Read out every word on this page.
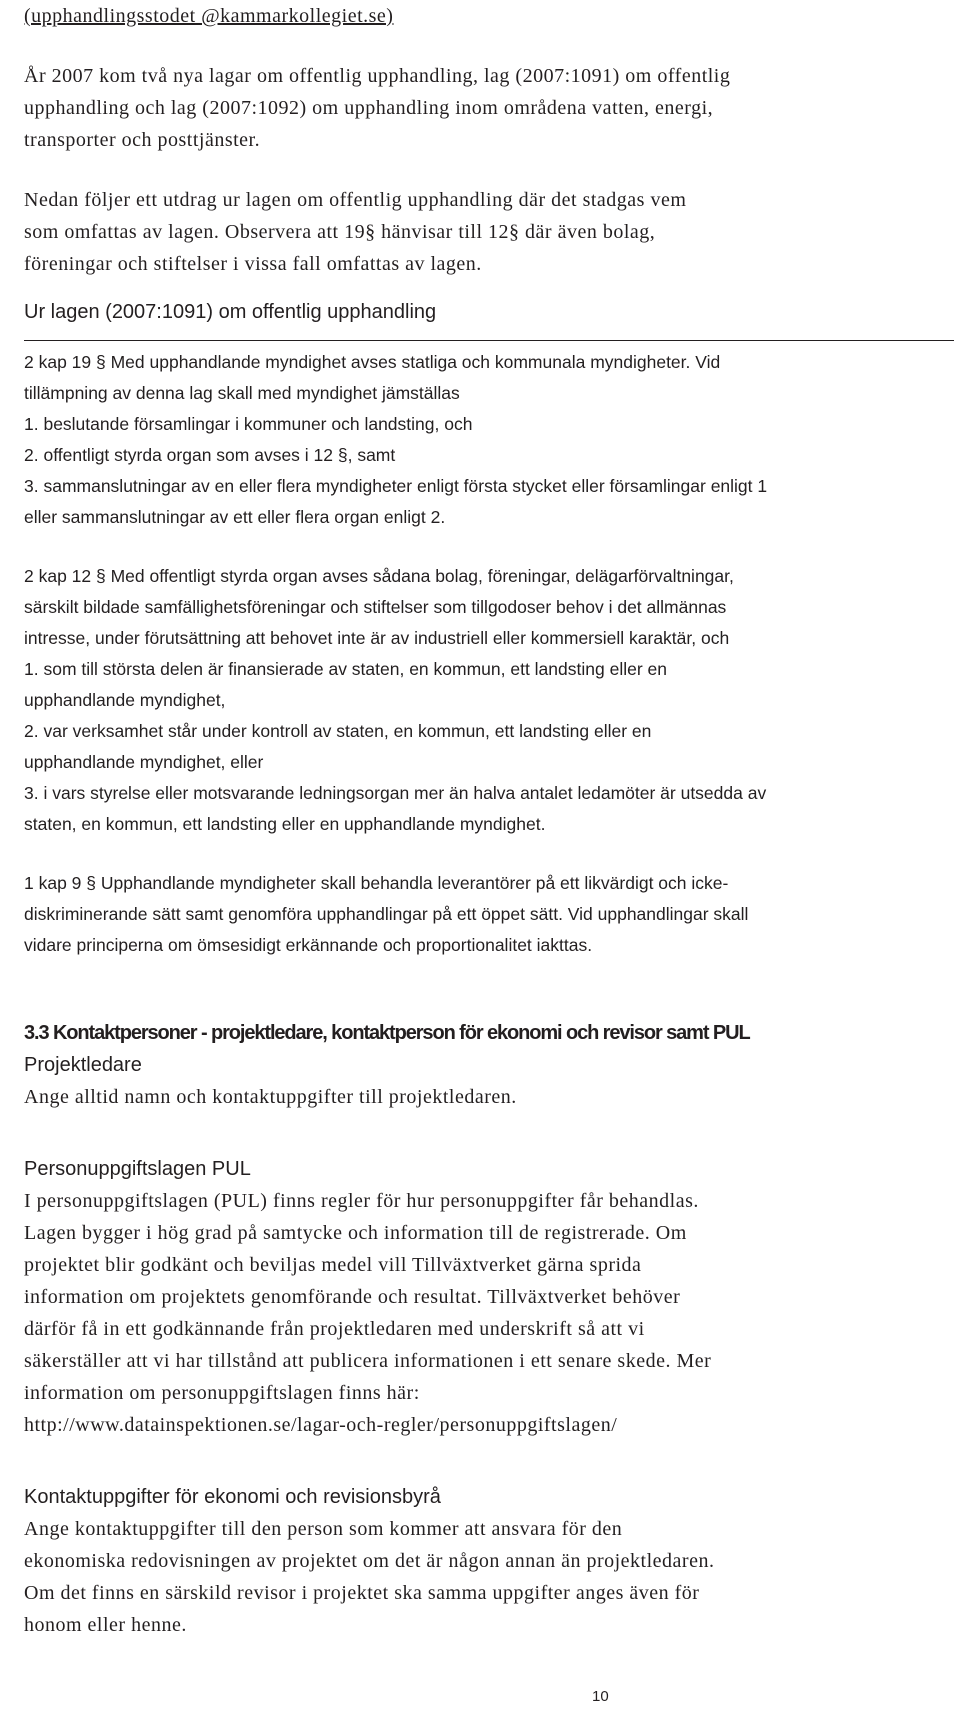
(upphandlingsstodet @kammarkollegiet.se)

År 2007 kom två nya lagar om offentlig upphandling, lag (2007:1091) om offentlig
upphandling och lag (2007:1092) om upphandling inom områdena vatten, energi,
transporter och posttjänster.

Nedan följer ett utdrag ur lagen om offentlig upphandling där det stadgas vem
som omfattas av lagen. Observera att 19§ hänvisar till 12§ där även bolag,
föreningar och stiftelser i vissa fall omfattas av lagen.

Ur lagen (2007:1091) om offentlig upphandling

2 kap 19 § Med upphandlande myndighet avses statliga och kommunala myndigheter. Vid
tillämpning av denna lag skall med myndighet jämställas
1. beslutande församlingar i kommuner och landsting, och
2. offentligt styrda organ som avses i 12 §, samt
3. sammanslutningar av en eller flera myndigheter enligt första stycket eller församlingar enligt 1
eller sammanslutningar av ett eller flera organ enligt 2.

2 kap 12 § Med offentligt styrda organ avses sådana bolag, föreningar, delägarförvaltningar,
särskilt bildade samfällighetsföreningar och stiftelser som tillgodoser behov i det allmännas
intresse, under förutsättning att behovet inte är av industriell eller kommersiell karaktär, och
1. som till största delen är finansierade av staten, en kommun, ett landsting eller en
upphandlande myndighet,
2. var verksamhet står under kontroll av staten, en kommun, ett landsting eller en
upphandlande myndighet, eller
3. i vars styrelse eller motsvarande ledningsorgan mer än halva antalet ledamöter är utsedda av
staten, en kommun, ett landsting eller en upphandlande myndighet.

1 kap 9 § Upphandlande myndigheter skall behandla leverantörer på ett likvärdigt och icke-
diskriminerande sätt samt genomföra upphandlingar på ett öppet sätt. Vid upphandlingar skall
vidare principerna om ömsesidigt erkännande och proportionalitet iakttas.

3.3 Kontaktpersoner - projektledare, kontaktperson för ekonomi och revisor samt PUL
Projektledare

Ange alltid namn och kontaktuppgifter till projektledaren.

Personuppgiftslagen PUL

I personuppgiftslagen (PUL) finns regler för hur personuppgifter får behandlas.
Lagen bygger i hög grad på samtycke och information till de registrerade. Om
projektet blir godkänt och beviljas medel vill Tillväxtverket gärna sprida
information om projektets genomförande och resultat. Tillväxtverket behöver
därför få in ett godkännande från projektledaren med underskrift så att vi
säkerställer att vi har tillstånd att publicera informationen i ett senare skede. Mer
information om personuppgiftslagen finns här:
http://www.datainspektionen.se/lagar-och-regler/personuppgiftslagen/

Kontaktuppgifter för ekonomi och revisionsbyrå

Ange kontaktuppgifter till den person som kommer att ansvara för den
ekonomiska redovisningen av projektet om det är någon annan än projektledaren.
Om det finns en särskild revisor i projektet ska samma uppgifter anges även för
honom eller henne.

10
